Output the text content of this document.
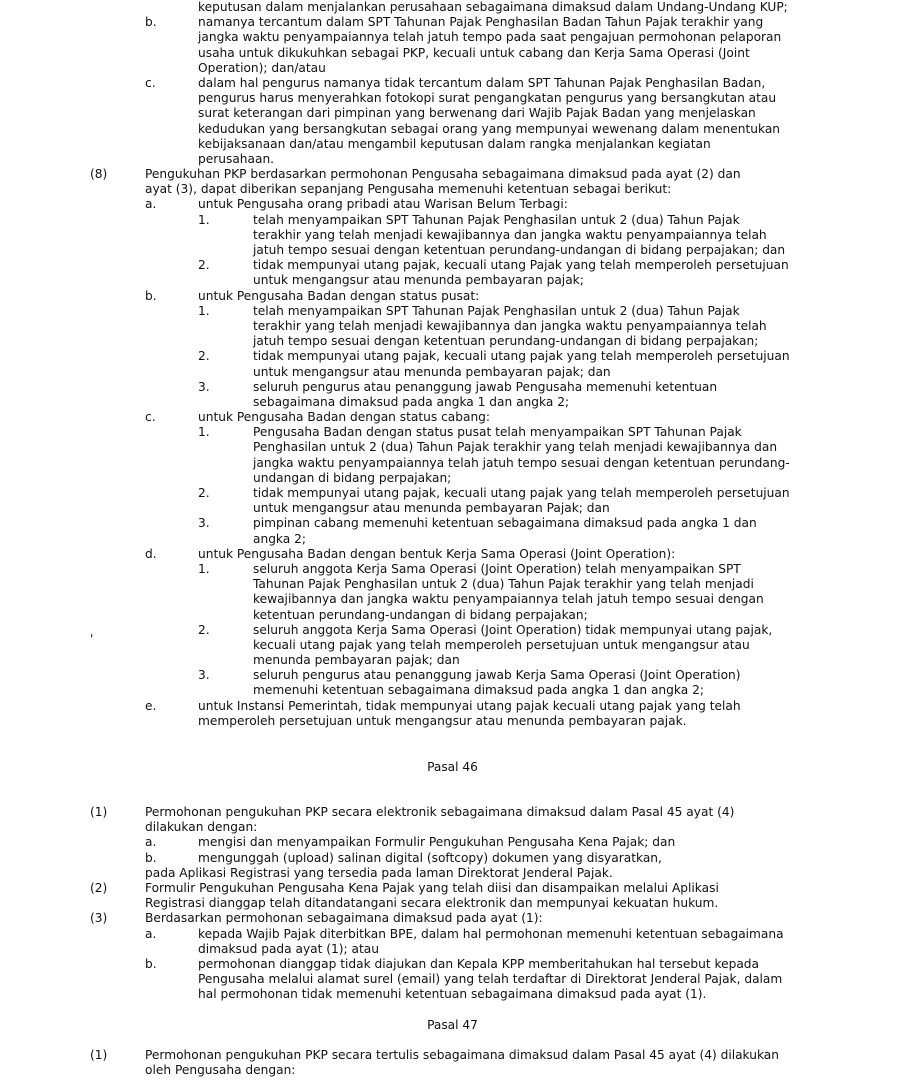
keputusan dalam menjalankan perusahaan sebagaimana dimaksud dalam Undang-Undang KUP;
b.	namanya tercantum dalam SPT Tahunan Pajak Penghasilan Badan Tahun Pajak terakhir yang
jangka waktu penyampaiannya telah jatuh tempo pada saat pengajuan permohonan pelaporan
usaha untuk dikukuhkan sebagai PKP, kecuali untuk cabang dan Kerja Sama Operasi (Joint
Operation); dan/atau
c.	dalam hal pengurus namanya tidak tercantum dalam SPT Tahunan Pajak Penghasilan Badan,
pengurus harus menyerahkan fotokopi surat pengangkatan pengurus yang bersangkutan atau
surat keterangan dari pimpinan yang berwenang dari Wajib Pajak Badan yang menjelaskan
kedudukan yang bersangkutan sebagai orang yang mempunyai wewenang dalam menentukan
kebijaksanaan dan/atau mengambil keputusan dalam rangka menjalankan kegiatan
perusahaan.
(8)	Pengukuhan PKP berdasarkan permohonan Pengusaha sebagaimana dimaksud pada ayat (2) dan
ayat (3), dapat diberikan sepanjang Pengusaha memenuhi ketentuan sebagai berikut:
a.	untuk Pengusaha orang pribadi atau Warisan Belum Terbagi:
1.	telah menyampaikan SPT Tahunan Pajak Penghasilan untuk 2 (dua) Tahun Pajak
terakhir yang telah menjadi kewajibannya dan jangka waktu penyampaiannya telah
jatuh tempo sesuai dengan ketentuan perundang-undangan di bidang perpajakan; dan
2.	tidak mempunyai utang pajak, kecuali utang Pajak yang telah memperoleh persetujuan
untuk mengangsur atau menunda pembayaran pajak;
b.	untuk Pengusaha Badan dengan status pusat:
1.	telah menyampaikan SPT Tahunan Pajak Penghasilan untuk 2 (dua) Tahun Pajak
terakhir yang telah menjadi kewajibannya dan jangka waktu penyampaiannya telah
jatuh tempo sesuai dengan ketentuan perundang-undangan di bidang perpajakan;
2.	tidak mempunyai utang pajak, kecuali utang pajak yang telah memperoleh persetujuan
untuk mengangsur atau menunda pembayaran pajak; dan
3.	seluruh pengurus atau penanggung jawab Pengusaha memenuhi ketentuan
sebagaimana dimaksud pada angka 1 dan angka 2;
c.	untuk Pengusaha Badan dengan status cabang:
1.	Pengusaha Badan dengan status pusat telah menyampaikan SPT Tahunan Pajak
Penghasilan untuk 2 (dua) Tahun Pajak terakhir yang telah menjadi kewajibannya dan
jangka waktu penyampaiannya telah jatuh tempo sesuai dengan ketentuan perundang-
undangan di bidang perpajakan;
2.	tidak mempunyai utang pajak, kecuali utang pajak yang telah memperoleh persetujuan
untuk mengangsur atau menunda pembayaran Pajak; dan
3.	pimpinan cabang memenuhi ketentuan sebagaimana dimaksud pada angka 1 dan
angka 2;
d.	untuk Pengusaha Badan dengan bentuk Kerja Sama Operasi (Joint Operation):
1.	seluruh anggota Kerja Sama Operasi (Joint Operation) telah menyampaikan SPT
Tahunan Pajak Penghasilan untuk 2 (dua) Tahun Pajak terakhir yang telah menjadi
kewajibannya dan jangka waktu penyampaiannya telah jatuh tempo sesuai dengan
ketentuan perundang-undangan di bidang perpajakan;
2.	seluruh anggota Kerja Sama Operasi (Joint Operation) tidak mempunyai utang pajak,
kecuali utang pajak yang telah memperoleh persetujuan untuk mengangsur atau
menunda pembayaran pajak; dan
3.	seluruh pengurus atau penanggung jawab Kerja Sama Operasi (Joint Operation)
memenuhi ketentuan sebagaimana dimaksud pada angka 1 dan angka 2;
e.	untuk Instansi Pemerintah, tidak mempunyai utang pajak kecuali utang pajak yang telah
memperoleh persetujuan untuk mengangsur atau menunda pembayaran pajak.
Pasal 46
(1)	Permohonan pengukuhan PKP secara elektronik sebagaimana dimaksud dalam Pasal 45 ayat (4)
dilakukan dengan:
a.	mengisi dan menyampaikan Formulir Pengukuhan Pengusaha Kena Pajak; dan
b.	mengunggah (upload) salinan digital (softcopy) dokumen yang disyaratkan,
pada Aplikasi Registrasi yang tersedia pada laman Direktorat Jenderal Pajak.
(2)	Formulir Pengukuhan Pengusaha Kena Pajak yang telah diisi dan disampaikan melalui Aplikasi
Registrasi dianggap telah ditandatangani secara elektronik dan mempunyai kekuatan hukum.
(3)	Berdasarkan permohonan sebagaimana dimaksud pada ayat (1):
a.	kepada Wajib Pajak diterbitkan BPE, dalam hal permohonan memenuhi ketentuan sebagaimana
dimaksud pada ayat (1); atau
b.	permohonan dianggap tidak diajukan dan Kepala KPP memberitahukan hal tersebut kepada
Pengusaha melalui alamat surel (email) yang telah terdaftar di Direktorat Jenderal Pajak, dalam
hal permohonan tidak memenuhi ketentuan sebagaimana dimaksud pada ayat (1).
Pasal 47
(1)	Permohonan pengukuhan PKP secara tertulis sebagaimana dimaksud dalam Pasal 45 ayat (4) dilakukan
oleh Pengusaha dengan:
'
